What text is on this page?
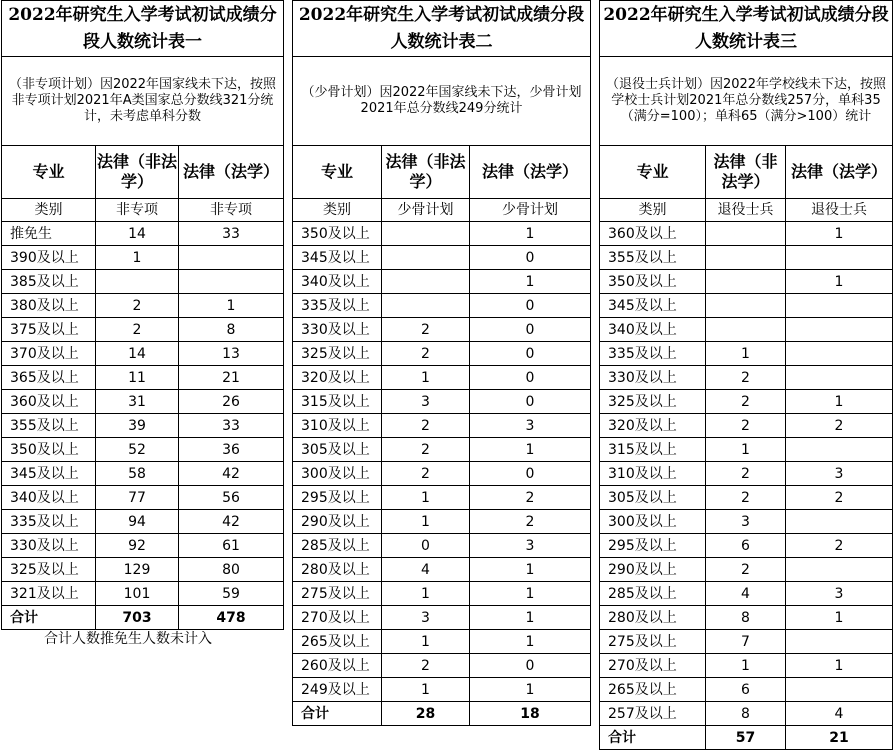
2022年研究生入学考试初试成绩分段人数统计表一		
（非专项计划）因2022年国家线未下达，按照非专项计划2021年A类国家总分数线321分统计，未考虑单科分数		
专业	法律（非法学）	法律（法学）
类别	非专项	非专项
推免生	14	33
390及以上	1	
385及以上		
380及以上	2	1
375及以上	2	8
370及以上	14	13
365及以上	11	21
360及以上	31	26
355及以上	39	33
350及以上	52	36
345及以上	58	42
340及以上	77	56
335及以上	94	42
330及以上	92	61
325及以上	129	80
321及以上	101	59
合计	703	478
合计人数推免生人数未计入
2022年研究生入学考试初试成绩分段人数统计表二		
（少骨计划）因2022年国家线未下达，少骨计划2021年总分数线249分统计		
专业	法律（非法学）	法律（法学）
类别	少骨计划	少骨计划
350及以上		1
345及以上		0
340及以上		1
335及以上		0
330及以上	2	0
325及以上	2	0
320及以上	1	0
315及以上	3	0
310及以上	2	3
305及以上	2	1
300及以上	2	0
295及以上	1	2
290及以上	1	2
285及以上	0	3
280及以上	4	1
275及以上	1	1
270及以上	3	1
265及以上	1	1
260及以上	2	0
249及以上	1	1
合计	28	18
2022年研究生入学考试初试成绩分段人数统计表三		
（退役士兵计划）因2022年学校线未下达，按照学校士兵计划2021年总分数线257分，单科35（满分=100）；单科65（满分>100）统计		
专业	法律（非法学）	法律（法学）
类别	退役士兵	退役士兵
360及以上		1
355及以上		
350及以上		1
345及以上		
340及以上		
335及以上	1	
330及以上	2	
325及以上	2	1
320及以上	2	2
315及以上	1	
310及以上	2	3
305及以上	2	2
300及以上	3	
295及以上	6	2
290及以上	2	
285及以上	4	3
280及以上	8	1
275及以上	7	
270及以上	1	1
265及以上	6	
257及以上	8	4
合计	57	21
